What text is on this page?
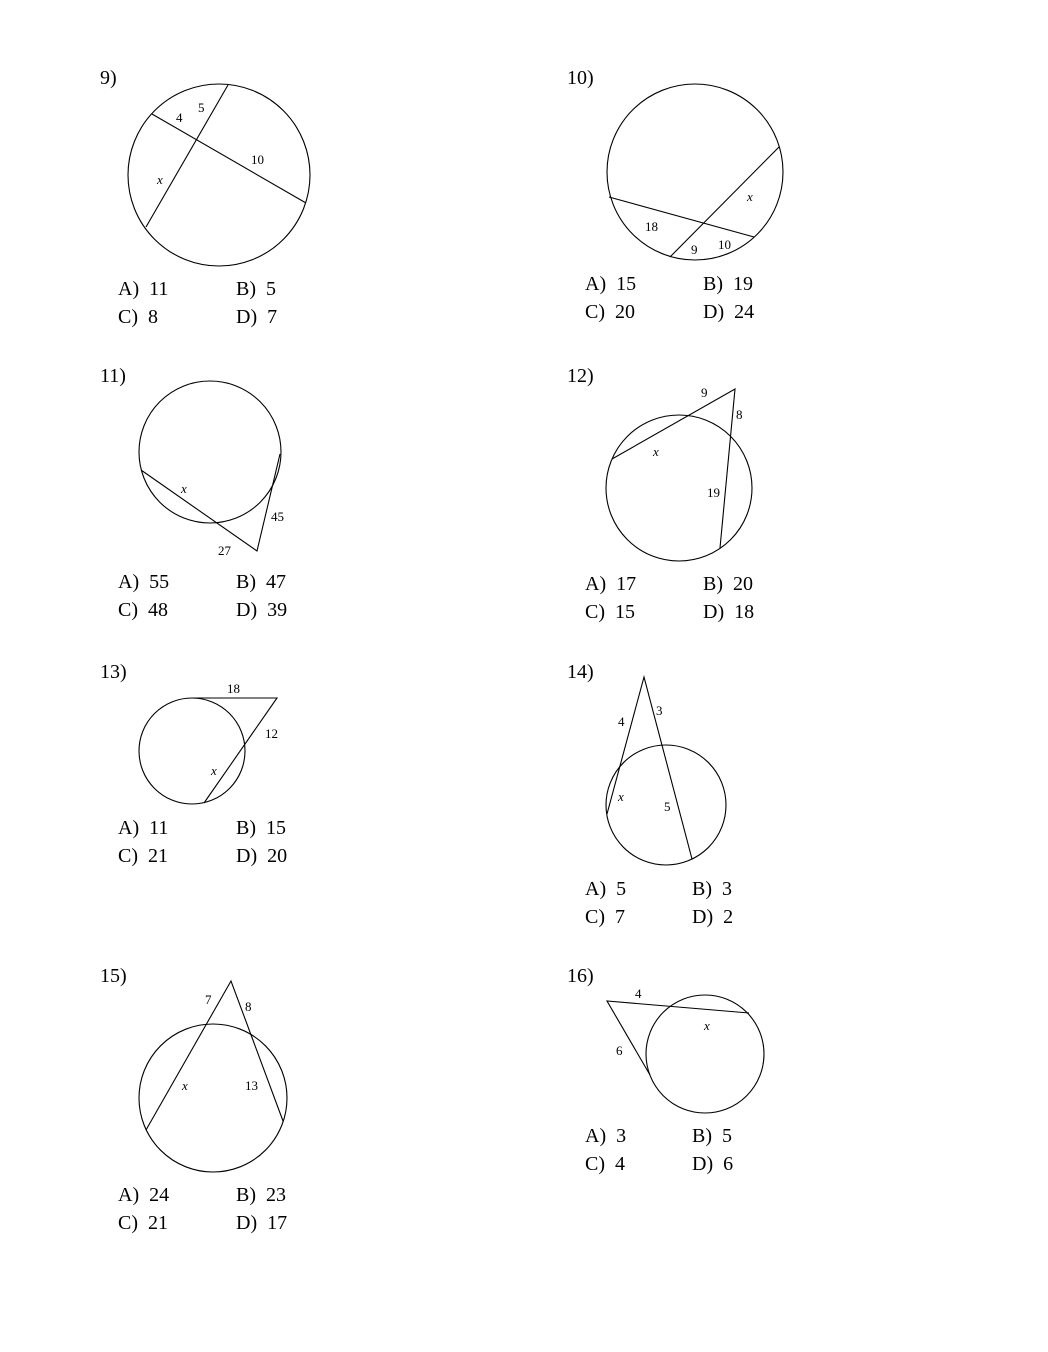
9)
4
5
10
x
A) 11	B) 5
C) 8	D) 7
10)
x
18
10
9
A) 15	B) 19
C) 20	D) 24
11)
x
45
27
A) 55	B) 47
C) 48	D) 39
12)
9
8
x
19
A) 17	B) 20
C) 15	D) 18
13)
18
12
x
A) 11	B) 15
C) 21	D) 20
14)
4
3
x
5
A) 5	B) 3
C) 7	D) 2
15)
7	8
x	13
A) 24	B) 23
C) 21	D) 17
16)
4
x
6
A) 3	B) 5
C) 4	D) 6
